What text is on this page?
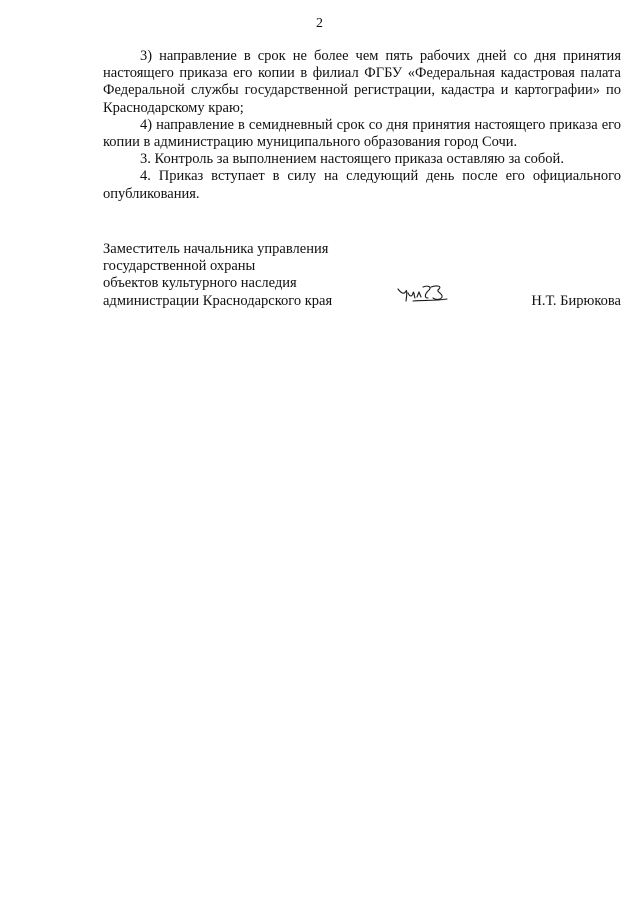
2

3) направление в срок не более чем пять рабочих дней со дня принятия настоящего приказа его копии в филиал ФГБУ «Федеральная кадастровая палата Федеральной службы государственной регистрации, кадастра и картографии» по Краснодарскому краю;

4) направление в семидневный срок со дня принятия настоящего приказа его копии в администрацию муниципального образования город Сочи.

3. Контроль за выполнением настоящего приказа оставляю за собой.

4. Приказ вступает в силу на следующий день после его официального опубликования.

Заместитель начальника управления
государственной охраны
объектов культурного наследия
администрации Краснодарского края	Н.Т. Бирюкова
